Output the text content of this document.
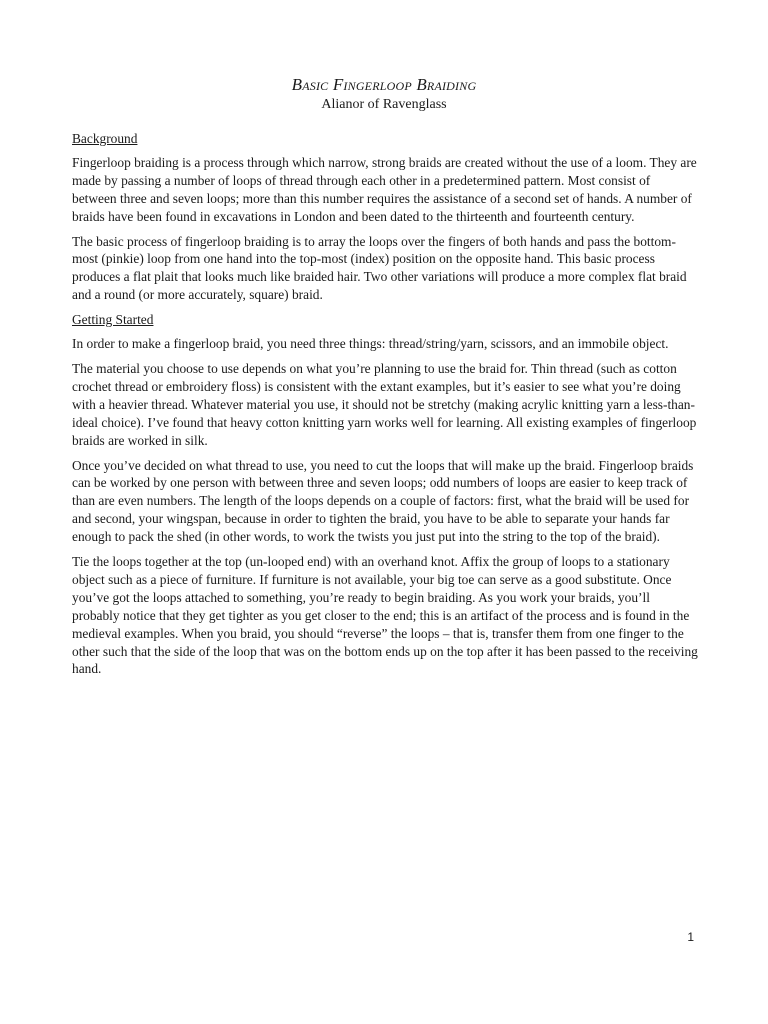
Basic Fingerloop Braiding
Alianor of Ravenglass
Background

Fingerloop braiding is a process through which narrow, strong braids are created without the use of a loom. They are made by passing a number of loops of thread through each other in a predetermined pattern. Most consist of between three and seven loops; more than this number requires the assistance of a second set of hands. A number of braids have been found in excavations in London and been dated to the thirteenth and fourteenth century.

The basic process of fingerloop braiding is to array the loops over the fingers of both hands and pass the bottom-most (pinkie) loop from one hand into the top-most (index) position on the opposite hand. This basic process produces a flat plait that looks much like braided hair. Two other variations will produce a more complex flat braid and a round (or more accurately, square) braid.

Getting Started

In order to make a fingerloop braid, you need three things: thread/string/yarn, scissors, and an immobile object.

The material you choose to use depends on what you’re planning to use the braid for. Thin thread (such as cotton crochet thread or embroidery floss) is consistent with the extant examples, but it’s easier to see what you’re doing with a heavier thread. Whatever material you use, it should not be stretchy (making acrylic knitting yarn a less-than-ideal choice). I’ve found that heavy cotton knitting yarn works well for learning. All existing examples of fingerloop braids are worked in silk.

Once you’ve decided on what thread to use, you need to cut the loops that will make up the braid. Fingerloop braids can be worked by one person with between three and seven loops; odd numbers of loops are easier to keep track of than are even numbers. The length of the loops depends on a couple of factors: first, what the braid will be used for and second, your wingspan, because in order to tighten the braid, you have to be able to separate your hands far enough to pack the shed (in other words, to work the twists you just put into the string to the top of the braid).

Tie the loops together at the top (un-looped end) with an overhand knot. Affix the group of loops to a stationary object such as a piece of furniture. If furniture is not available, your big toe can serve as a good substitute. Once you’ve got the loops attached to something, you’re ready to begin braiding. As you work your braids, you’ll probably notice that they get tighter as you get closer to the end; this is an artifact of the process and is found in the medieval examples. When you braid, you should “reverse” the loops – that is, transfer them from one finger to the other such that the side of the loop that was on the bottom ends up on the top after it has been passed to the receiving hand.

1
